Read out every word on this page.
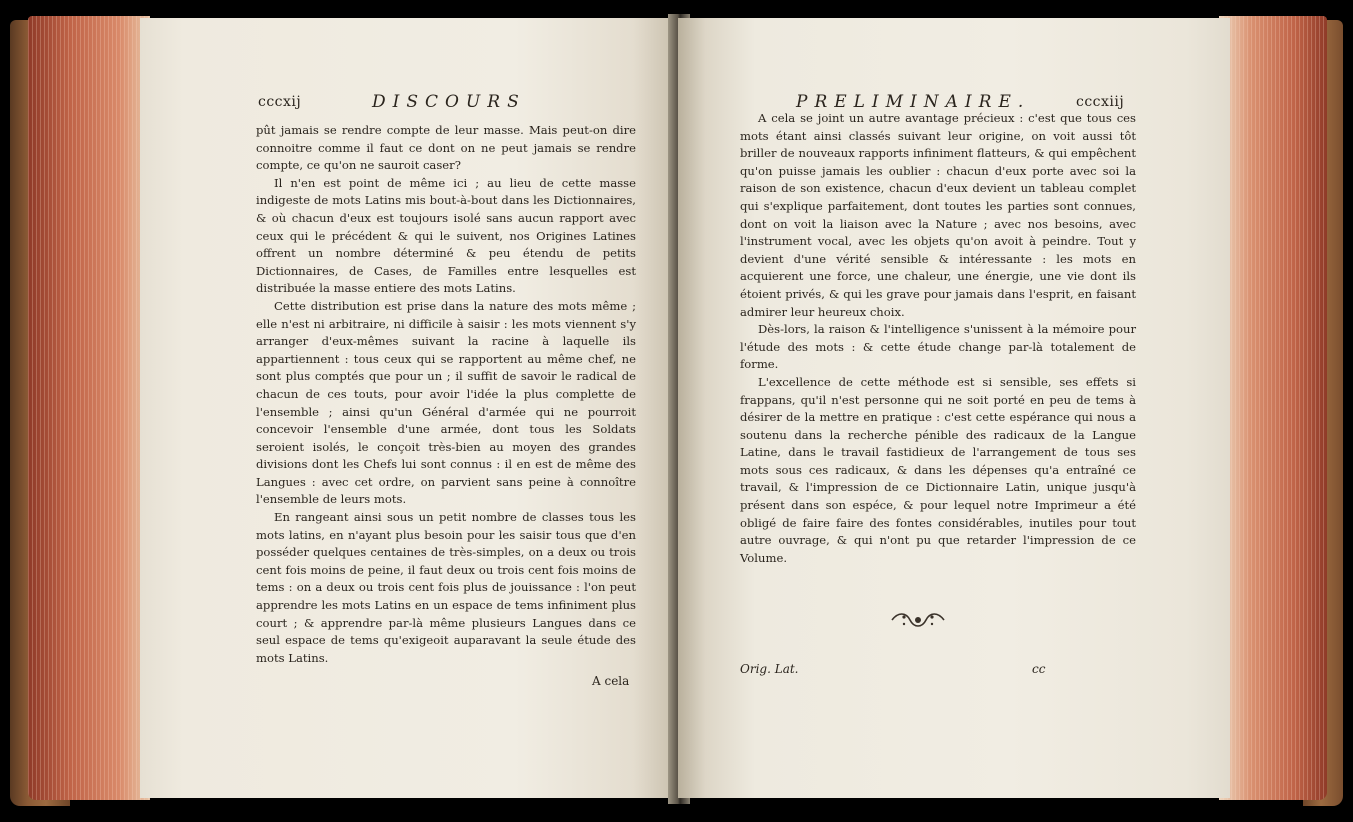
cccxij	DISCOURS

pût jamais se rendre compte de leur masse. Mais peut-on dire connoitre comme il faut ce dont on ne peut jamais se rendre compte, ce qu'on ne sauroit caser?

Il n'en est point de même ici ; au lieu de cette masse indigeste de mots Latins mis bout-à-bout dans les Dictionnaires, & où chacun d'eux est toujours isolé sans aucun rapport avec ceux qui le précédent & qui le suivent, nos Origines Latines offrent un nombre déterminé & peu étendu de petits Dictionnaires, de Cases, de Familles entre lesquelles est distribuée la masse entiere des mots Latins.

Cette distribution est prise dans la nature des mots même ; elle n'est ni arbitraire, ni difficile à saisir : les mots viennent s'y arranger d'eux-mêmes suivant la racine à laquelle ils appartiennent : tous ceux qui se rapportent au même chef, ne sont plus comptés que pour un ; il suffit de savoir le radical de chacun de ces touts, pour avoir l'idée la plus complette de l'ensemble ; ainsi qu'un Général d'armée qui ne pourroit concevoir l'ensemble d'une armée, dont tous les Soldats seroient isolés, le conçoit très-bien au moyen des grandes divisions dont les Chefs lui sont connus : il en est de même des Langues : avec cet ordre, on parvient sans peine à connoître l'ensemble de leurs mots.

En rangeant ainsi sous un petit nombre de classes tous les mots latins, en n'ayant plus besoin pour les saisir tous que d'en posséder quelques centaines de très-simples, on a deux ou trois cent fois moins de peine, il faut deux ou trois cent fois moins de tems : on a deux ou trois cent fois plus de jouissance : l'on peut apprendre les mots Latins en un espace de tems infiniment plus court ; & apprendre par-là même plusieurs Langues dans ce seul espace de tems qu'exigeoit auparavant la seule étude des mots Latins.

A cela
PRELIMINAIRE.	cccxiij

A cela se joint un autre avantage précieux : c'est que tous ces mots étant ainsi classés suivant leur origine, on voit aussi tôt briller de nouveaux rapports infiniment flatteurs, & qui empêchent qu'on puisse jamais les oublier : chacun d'eux porte avec soi la raison de son existence, chacun d'eux devient un tableau complet qui s'explique parfaitement, dont toutes les parties sont connues, dont on voit la liaison avec la Nature ; avec nos besoins, avec l'instrument vocal, avec les objets qu'on avoit à peindre. Tout y devient d'une vérité sensible & intéressante : les mots en acquierent une force, une chaleur, une énergie, une vie dont ils étoient privés, & qui les grave pour jamais dans l'esprit, en faisant admirer leur heureux choix.

Dès-lors, la raison & l'intelligence s'unissent à la mémoire pour l'étude des mots : & cette étude change par-là totalement de forme.

L'excellence de cette méthode est si sensible, ses effets si frappans, qu'il n'est personne qui ne soit porté en peu de tems à désirer de la mettre en pratique : c'est cette espérance qui nous a soutenu dans la recherche pénible des radicaux de la Langue Latine, dans le travail fastidieux de l'arrangement de tous ses mots sous ces radicaux, & dans les dépenses qu'a entraîné ce travail, & l'impression de ce Dictionnaire Latin, unique jusqu'à présent dans son espéce, & pour lequel notre Imprimeur a été obligé de faire faire des fontes considérables, inutiles pour tout autre ouvrage, & qui n'ont pu que retarder l'impression de ce Volume.

Orig. Lat.	cc
